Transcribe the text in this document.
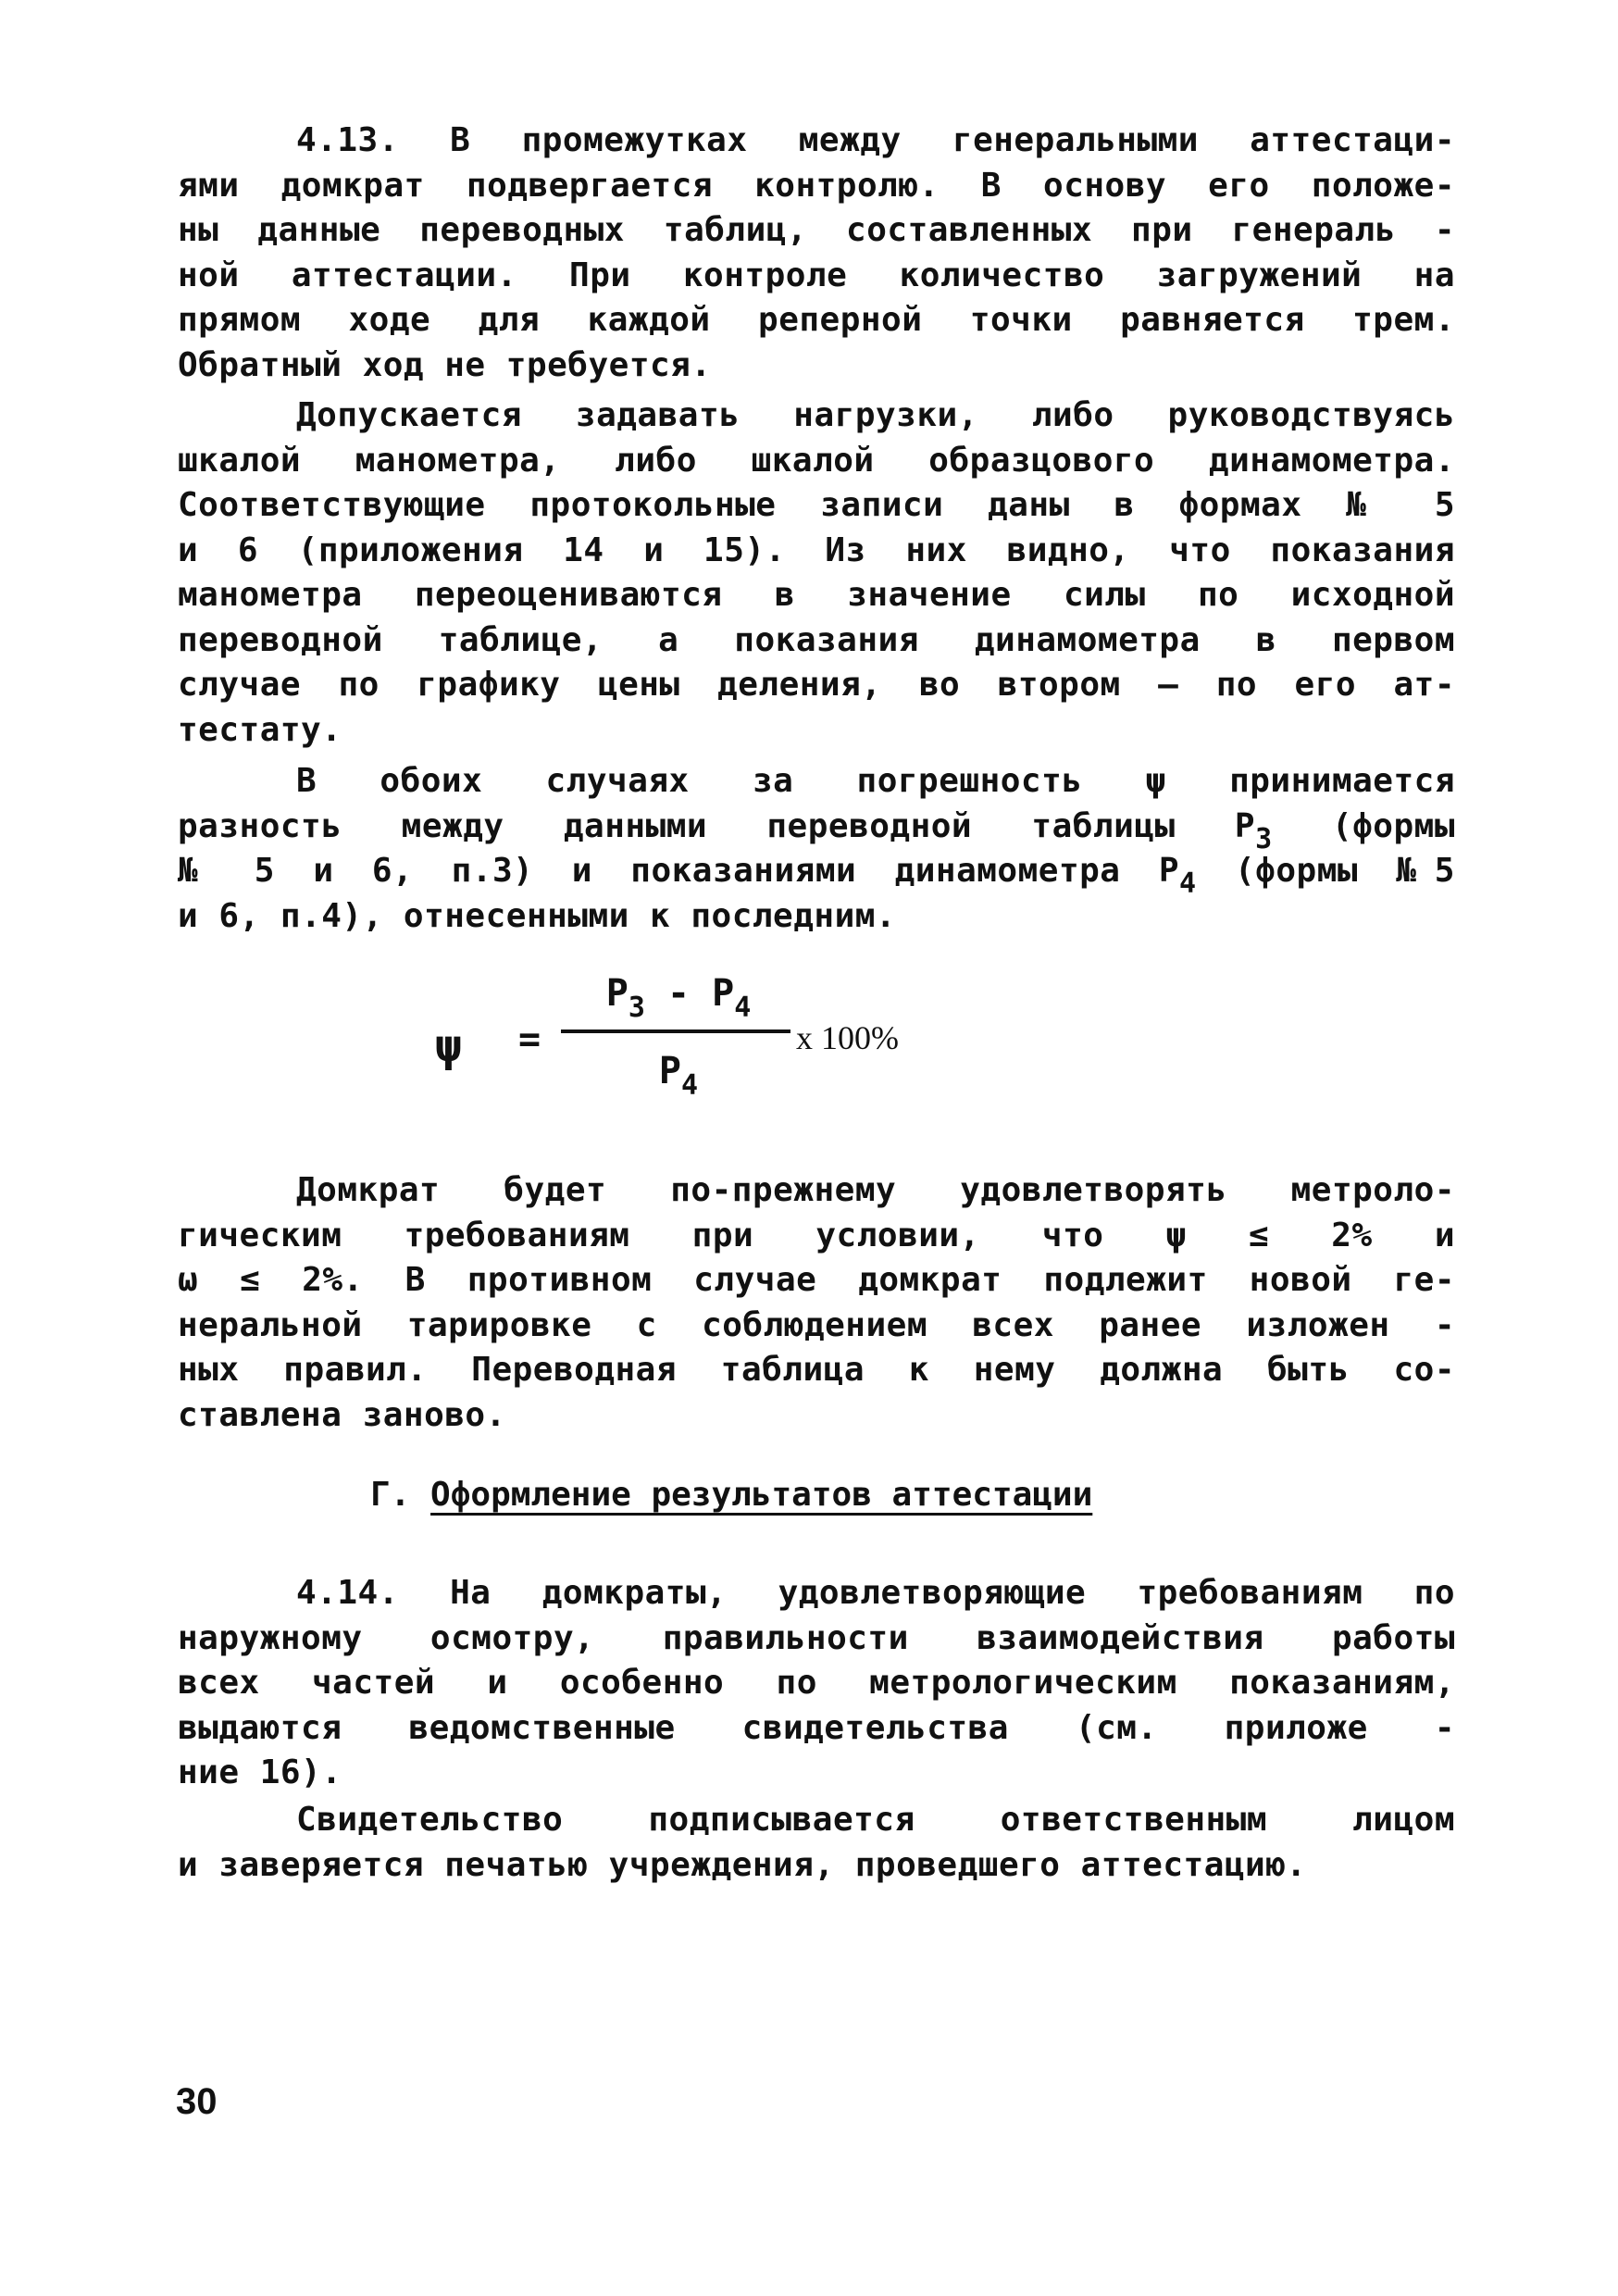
4.13. В промежутках между генеральными аттестаци-
ями домкрат подвергается контролю. В основу его положе-
ны данные переводных таблиц, составленных при генераль -
ной аттестации. При контроле количество загружений на
прямом ходе для каждой реперной точки равняется трем.
Обратный ход не требуется.
Допускается задавать нагрузки, либо руководствуясь
шкалой манометра, либо шкалой образцового динамометра.
Соответствующие протокольные записи даны в формах № 5
и 6 (приложения 14 и 15). Из них видно, что показания
манометра переоцениваются в значение силы по исходной
переводной таблице, а показания динамометра в первом
случае по графику цены деления, во втором – по его ат-
тестату.
В обоих случаях за погрешность ψ принимается
разность между данными переводной таблицы $P_3$ (формы
№ 5 и 6, п.3) и показаниями динамометра $P_4$ (формы №5
и 6, п.4), отнесенными к последним.
ψ =
$P_3 - P_4$
$P_4$
x 100%
Домкрат будет по-прежнему удовлетворять метроло-
гическим требованиям при условии, что ψ ≤ 2% и
ω ≤ 2%. В противном случае домкрат подлежит новой ге-
неральной тарировке с соблюдением всех ранее изложен -
ных правил. Переводная таблица к нему должна быть со-
ставлена заново.
Г. Оформление результатов аттестации
4.14. На домкраты, удовлетворяющие требованиям по
наружному осмотру, правильности взаимодействия работы
всех частей и особенно по метрологическим показаниям,
выдаются ведомственные свидетельства (см. приложе -
ние 16).
Свидетельство подписывается ответственным лицом
и заверяется печатью учреждения, проведшего аттестацию.
30
